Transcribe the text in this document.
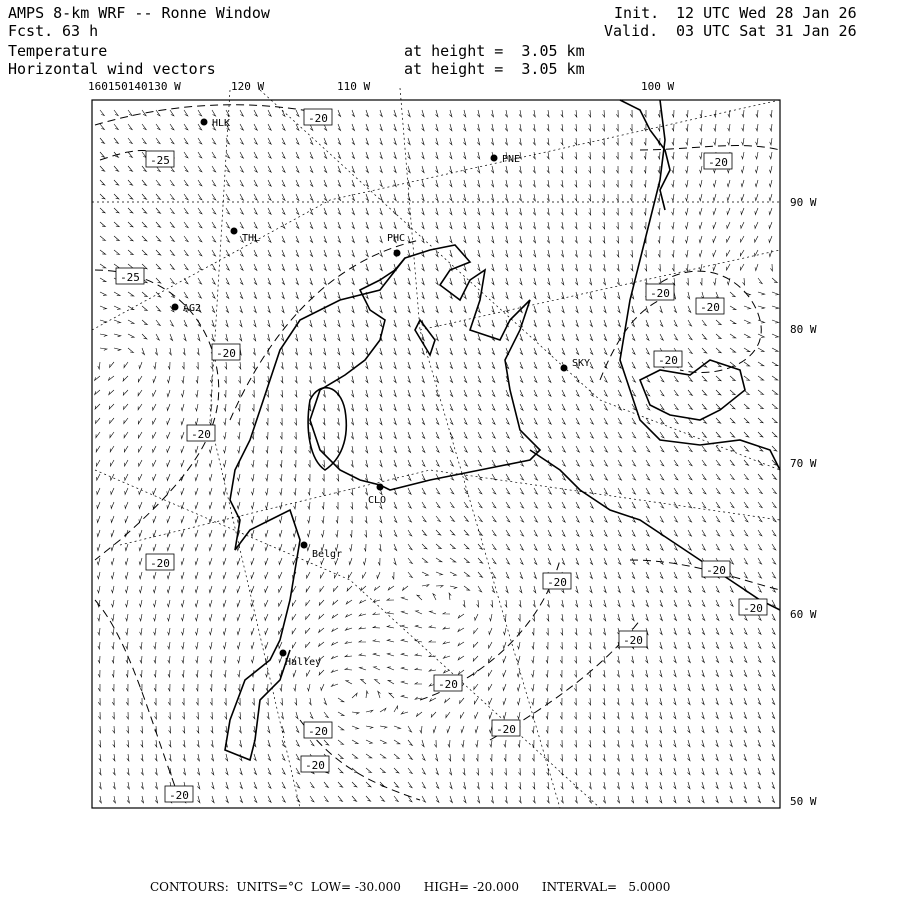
AMPS 8-km WRF -- Ronne Window
Fcst. 63 h
Temperature
Horizontal wind vectors
at height =  3.05 km
at height =  3.05 km
Init. 12 UTC Wed 28 Jan 26
Valid. 03 UTC Sat 31 Jan 26
-20
-25	-20
-25
-20
-20
-20
-20
-20
-20
-20
-20
-20
-20
-20
-20
-20
-20
-20
HLK
PNE
THL	PHC
AG2
SKY
CLO
Belgr
Halley
160150140130 W	120 W	110 W	100 W
90 W
80 W
70 W
60 W
50 W
CONTOURS:  UNITS=°C  LOW= -30.000      HIGH= -20.000      INTERVAL=   5.0000
